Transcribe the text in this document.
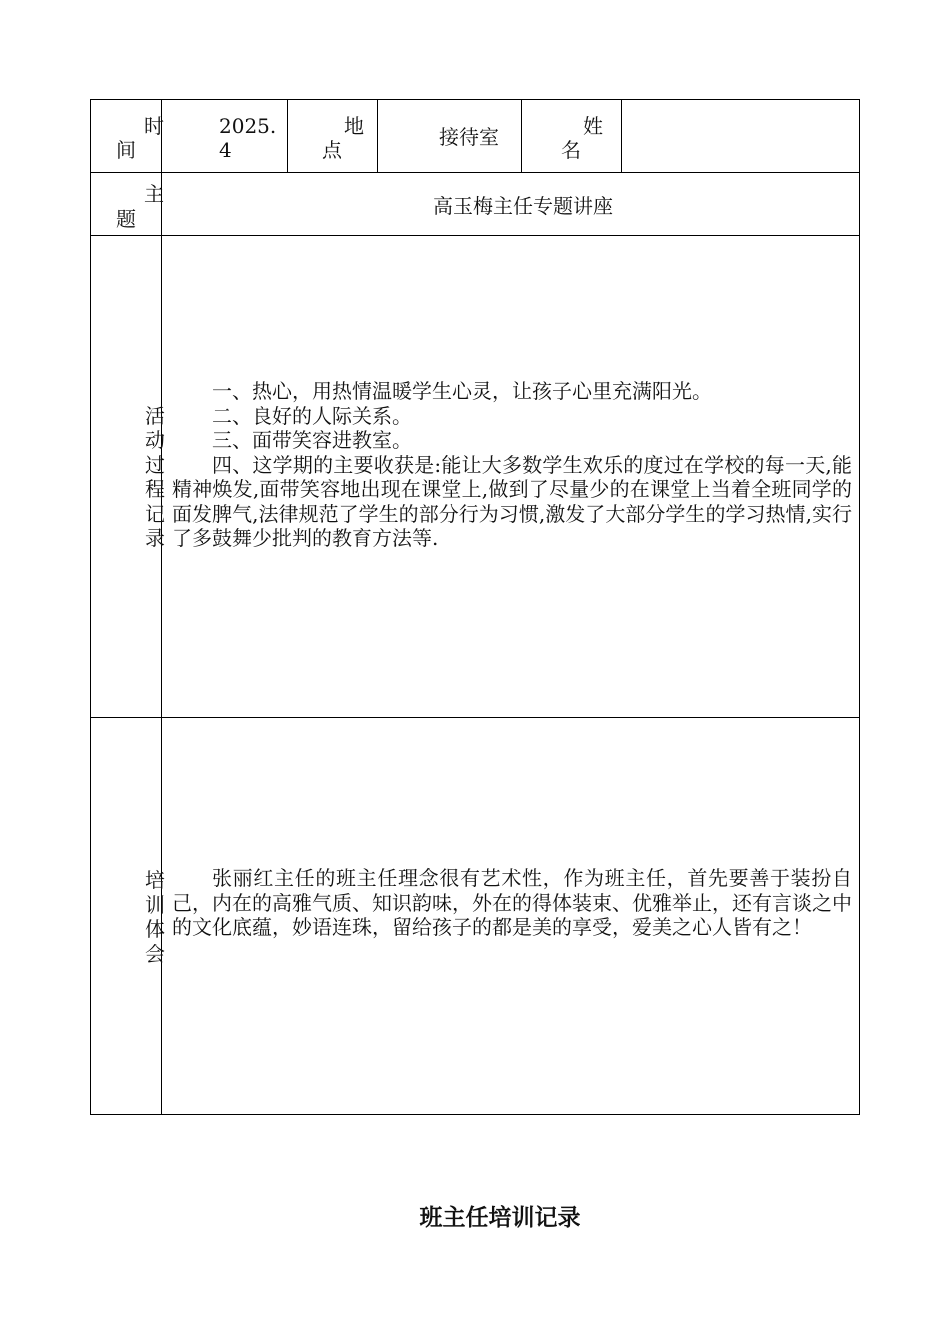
时
间
2025.
4
地
点
接待室	姓
名
主
题
高玉梅主任专题讲座
活
动
过
程
记
录

一、热心，用热情温暖学生心灵，让孩子心里充满阳光。

二、良好的人际关系。

三、面带笑容进教室。

四、这学期的主要收获是:能让大多数学生欢乐的度过在学校的每一天,能精神焕发,面带笑容地出现在课堂上,做到了尽量少的在课堂上当着全班同学的面发脾气,法律规范了学生的部分行为习惯,激发了大部分学生的学习热情,实行了多鼓舞少批判的教育方法等.

培
训
体
会

张丽红主任的班主任理念很有艺术性，作为班主任，首先要善于装扮自己，内在的高雅气质、知识韵味，外在的得体装束、优雅举止，还有言谈之中的文化底蕴，妙语连珠，留给孩子的都是美的享受，爱美之心人皆有之！

班主任培训记录
